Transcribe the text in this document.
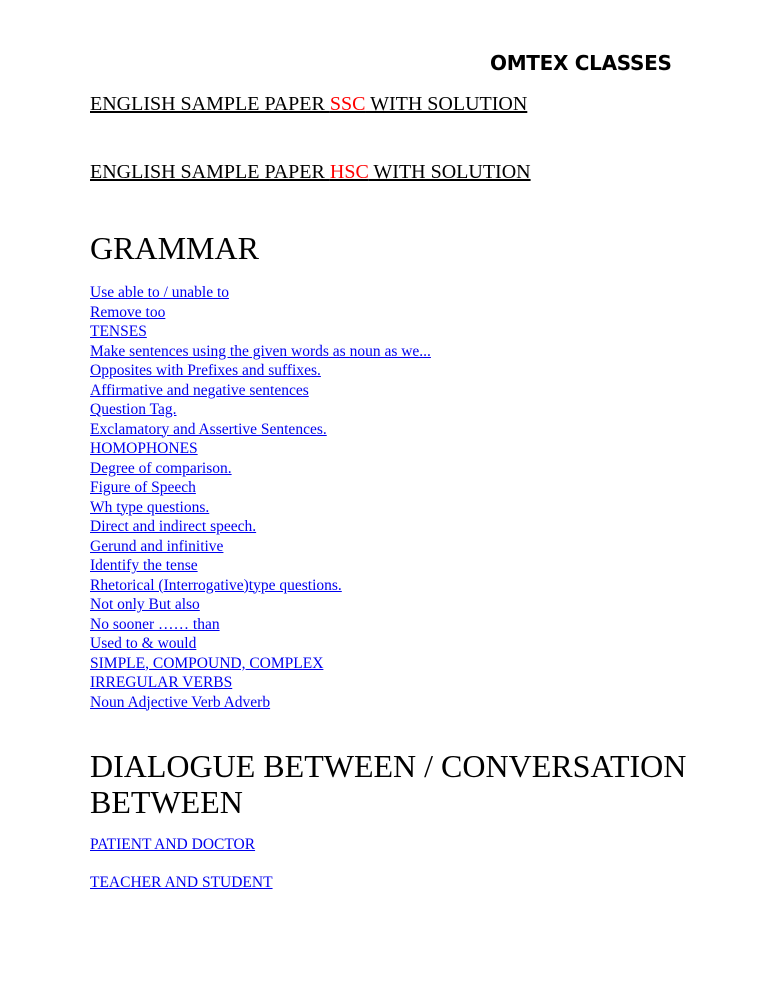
OMTEX CLASSES
ENGLISH SAMPLE PAPER SSC WITH SOLUTION
ENGLISH SAMPLE PAPER HSC WITH SOLUTION
GRAMMAR
Use able to / unable to
Remove too
TENSES
Make sentences using the given words as noun as we...
Opposites with Prefixes and suffixes.
Affirmative and negative sentences
Question Tag.
Exclamatory and Assertive Sentences.
HOMOPHONES
Degree of comparison.
Figure of Speech
Wh type questions.
Direct and indirect speech.
Gerund and infinitive
Identify the tense
Rhetorical (Interrogative)type questions.
Not only But also
No sooner …… than
Used to & would
SIMPLE, COMPOUND, COMPLEX
IRREGULAR VERBS
Noun Adjective Verb Adverb
DIALOGUE BETWEEN / CONVERSATION BETWEEN
PATIENT AND DOCTOR
TEACHER AND STUDENT
